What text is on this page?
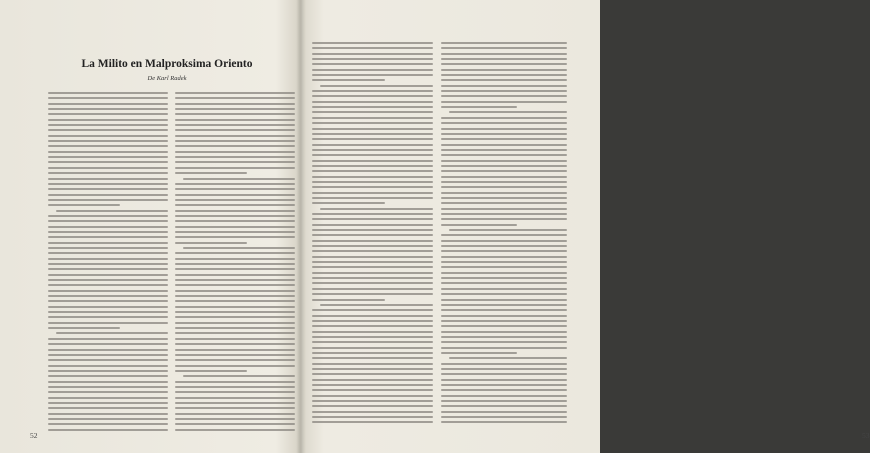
La Milito en Malproksima Oriento
De Karl Radek
52	53
